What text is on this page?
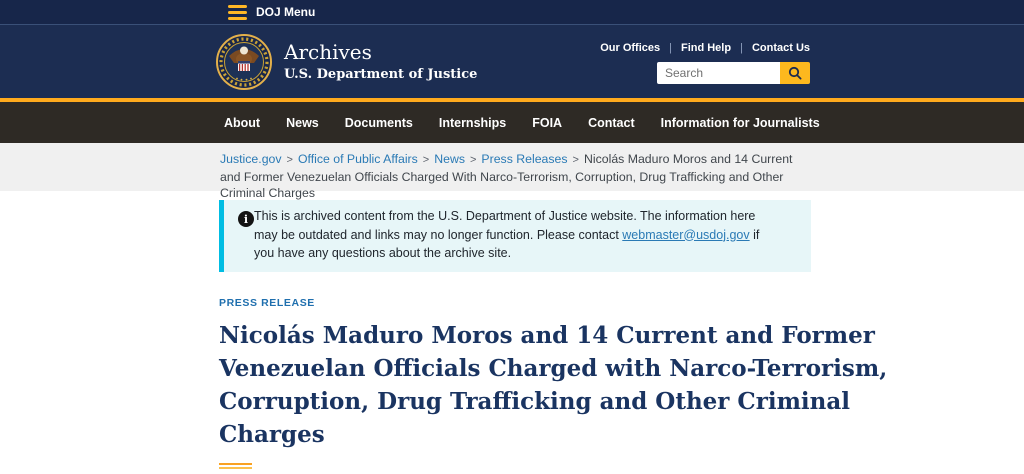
DOJ Menu
Archives
U.S. Department of Justice
Our Offices | Find Help | Contact Us
Search
About News Documents Internships FOIA Contact Information for Journalists
Justice.gov > Office of Public Affairs > News > Press Releases > Nicolás Maduro Moros and 14 Current and Former Venezuelan Officials Charged With Narco-Terrorism, Corruption, Drug Trafficking and Other Criminal Charges
i This is archived content from the U.S. Department of Justice website. The information here may be outdated and links may no longer function. Please contact webmaster@usdoj.gov if you have any questions about the archive site.

PRESS RELEASE
Nicolás Maduro Moros and 14 Current and Former
Venezuelan Officials Charged with Narco-Terrorism,
Corruption, Drug Trafficking and Other Criminal
Charges
